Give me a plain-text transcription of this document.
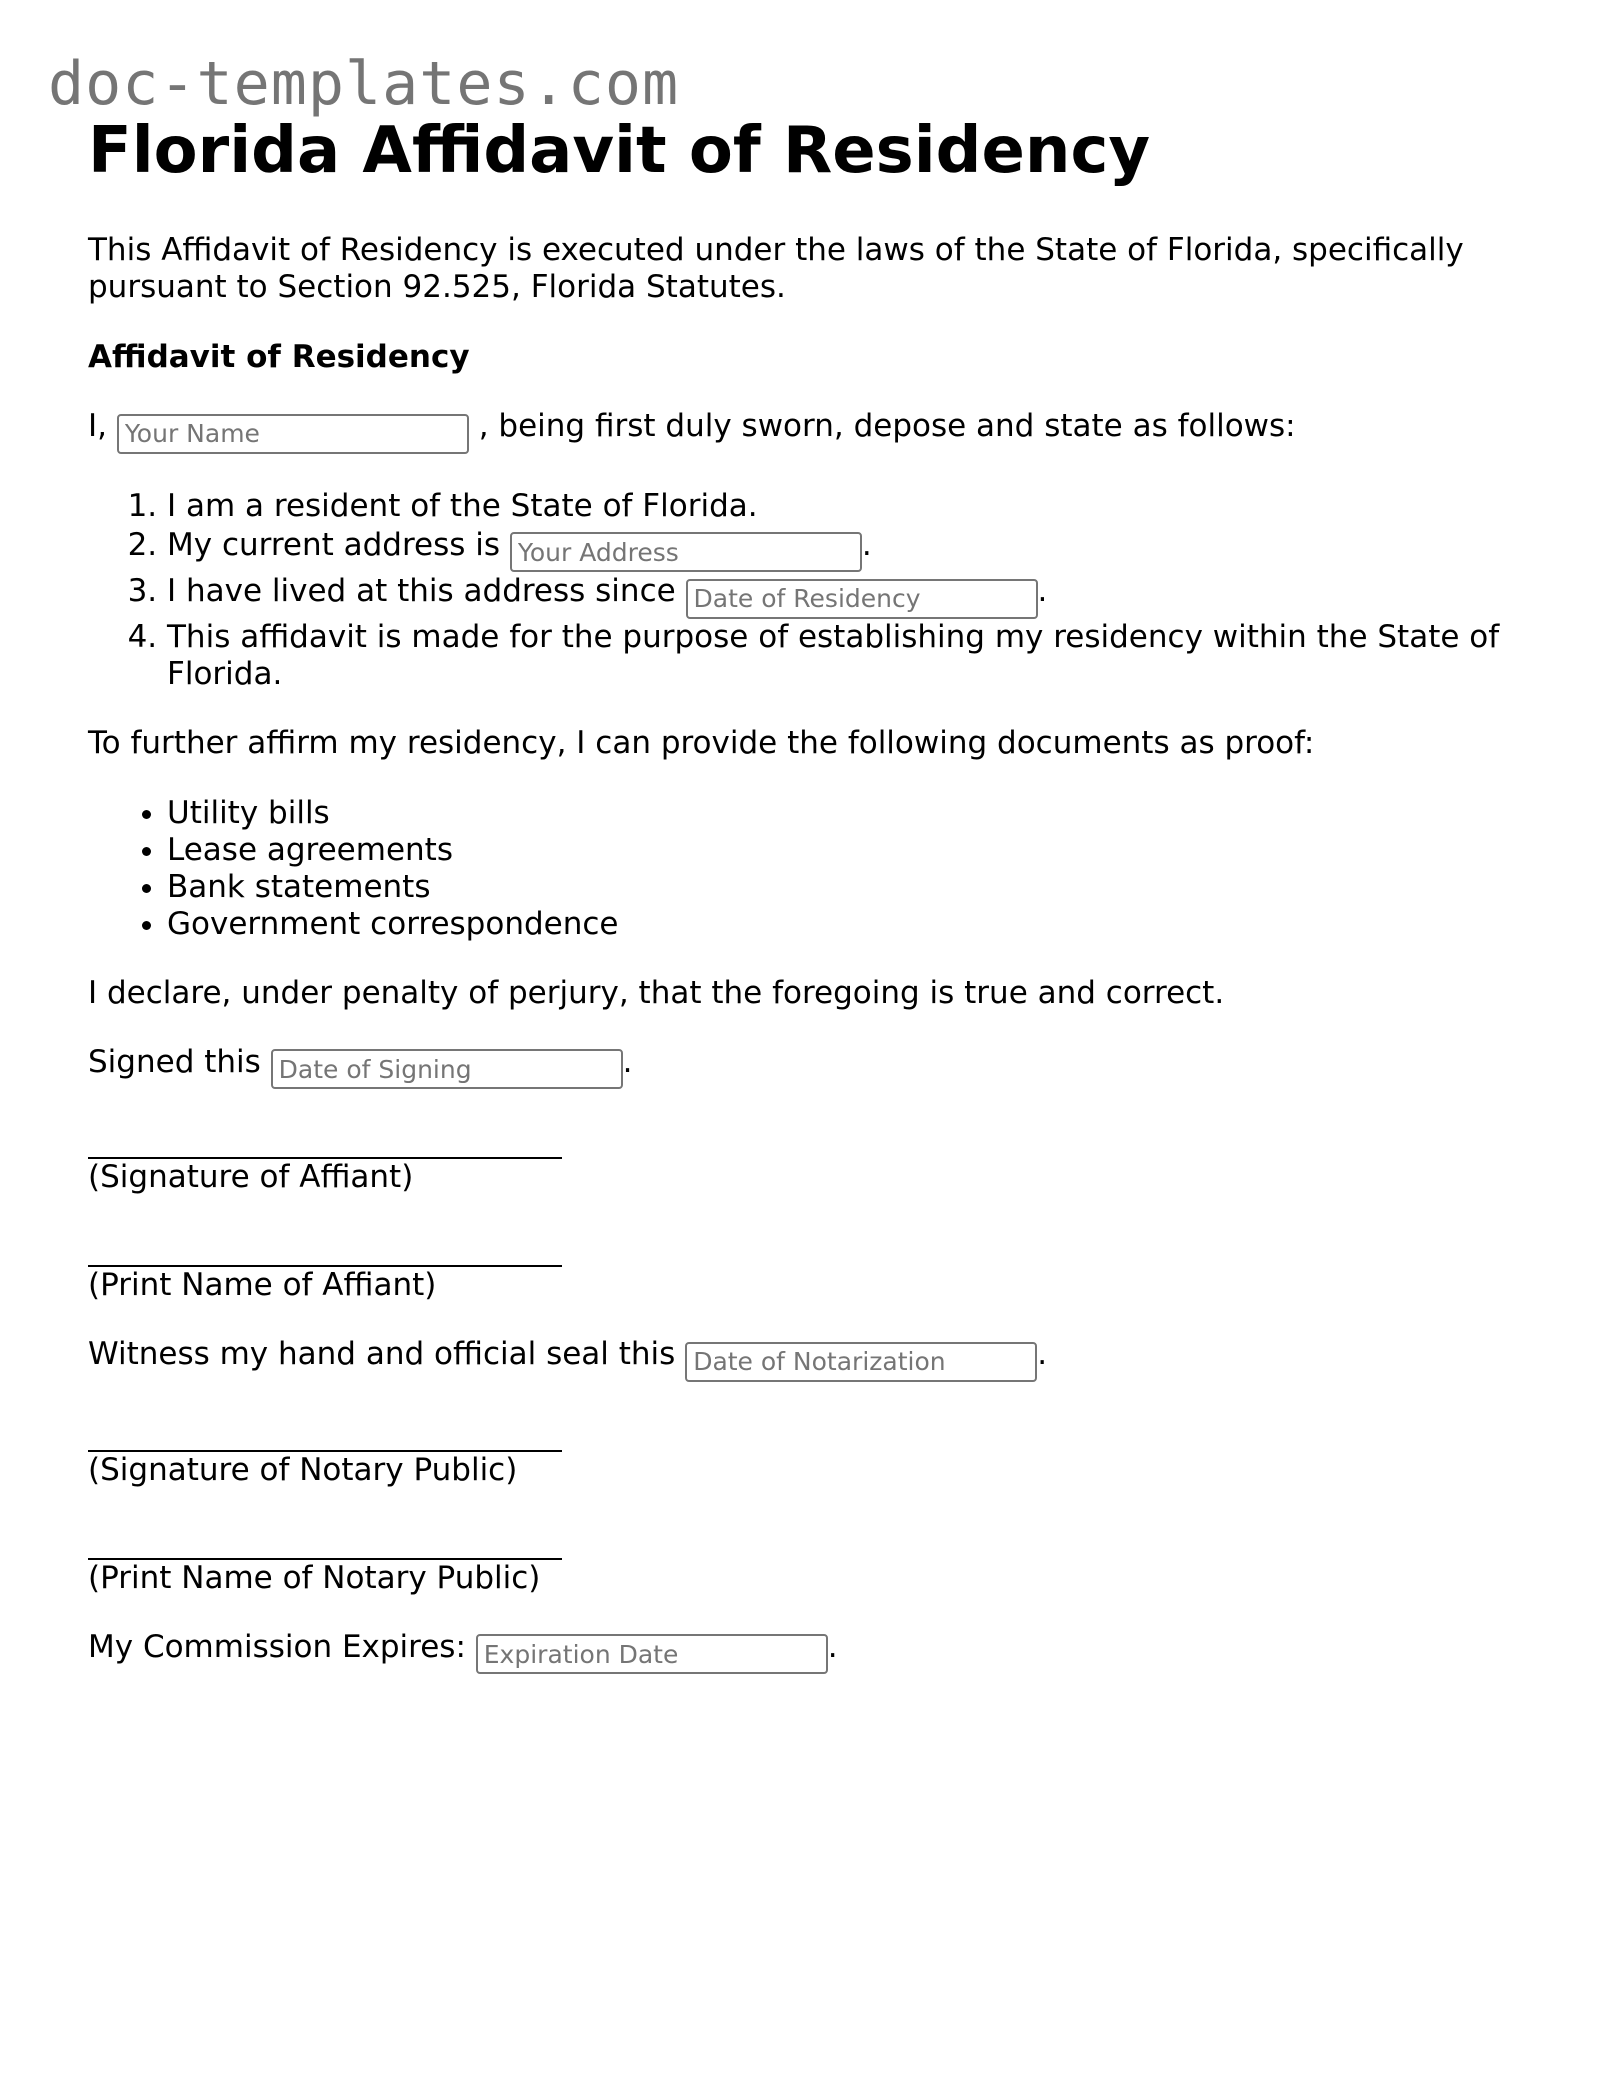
doc-templates.com
Florida Affidavit of Residency

This Affidavit of Residency is executed under the laws of the State of Florida, specifically pursuant to Section 92.525, Florida Statutes.

Affidavit of Residency

I, Your Name	, being first duly sworn, depose and state as follows:

1. I am a resident of the State of Florida.
2. My current address is Your Address	.
3. I have lived at this address since Date of Residency	.
4. This affidavit is made for the purpose of establishing my residency within the State of Florida.

To further affirm my residency, I can provide the following documents as proof:

• Utility bills
• Lease agreements
• Bank statements
• Government correspondence

I declare, under penalty of perjury, that the foregoing is true and correct.

Signed this Date of Signing	.

(Signature of Affiant)
(Print Name of Affiant)

Witness my hand and official seal this Date of Notarization	.

(Signature of Notary Public)
(Print Name of Notary Public)

My Commission Expires: Expiration Date	.
